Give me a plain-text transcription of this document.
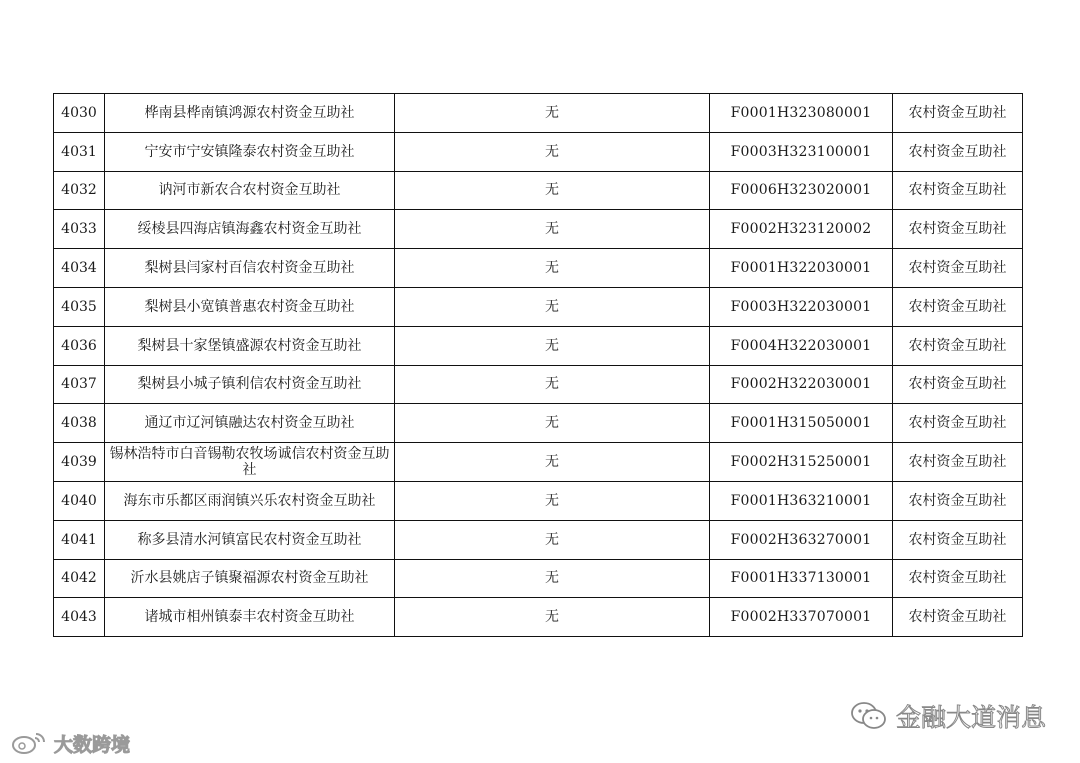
4030	桦南县桦南镇鸿源农村资金互助社	无	F0001H323080001	农村资金互助社
4031	宁安市宁安镇隆泰农村资金互助社	无	F0003H323100001	农村资金互助社
4032	讷河市新农合农村资金互助社	无	F0006H323020001	农村资金互助社
4033	绥棱县四海店镇海鑫农村资金互助社	无	F0002H323120002	农村资金互助社
4034	梨树县闫家村百信农村资金互助社	无	F0001H322030001	农村资金互助社
4035	梨树县小宽镇普惠农村资金互助社	无	F0003H322030001	农村资金互助社
4036	梨树县十家堡镇盛源农村资金互助社	无	F0004H322030001	农村资金互助社
4037	梨树县小城子镇利信农村资金互助社	无	F0002H322030001	农村资金互助社
4038	通辽市辽河镇融达农村资金互助社	无	F0001H315050001	农村资金互助社
4039	锡林浩特市白音锡勒农牧场诚信农村资金互助社	无	F0002H315250001	农村资金互助社
4040	海东市乐都区雨润镇兴乐农村资金互助社	无	F0001H363210001	农村资金互助社
4041	称多县清水河镇富民农村资金互助社	无	F0002H363270001	农村资金互助社
4042	沂水县姚店子镇聚福源农村资金互助社	无	F0001H337130001	农村资金互助社
4043	诸城市相州镇泰丰农村资金互助社	无	F0002H337070001	农村资金互助社
大数跨境
金融大道消息
